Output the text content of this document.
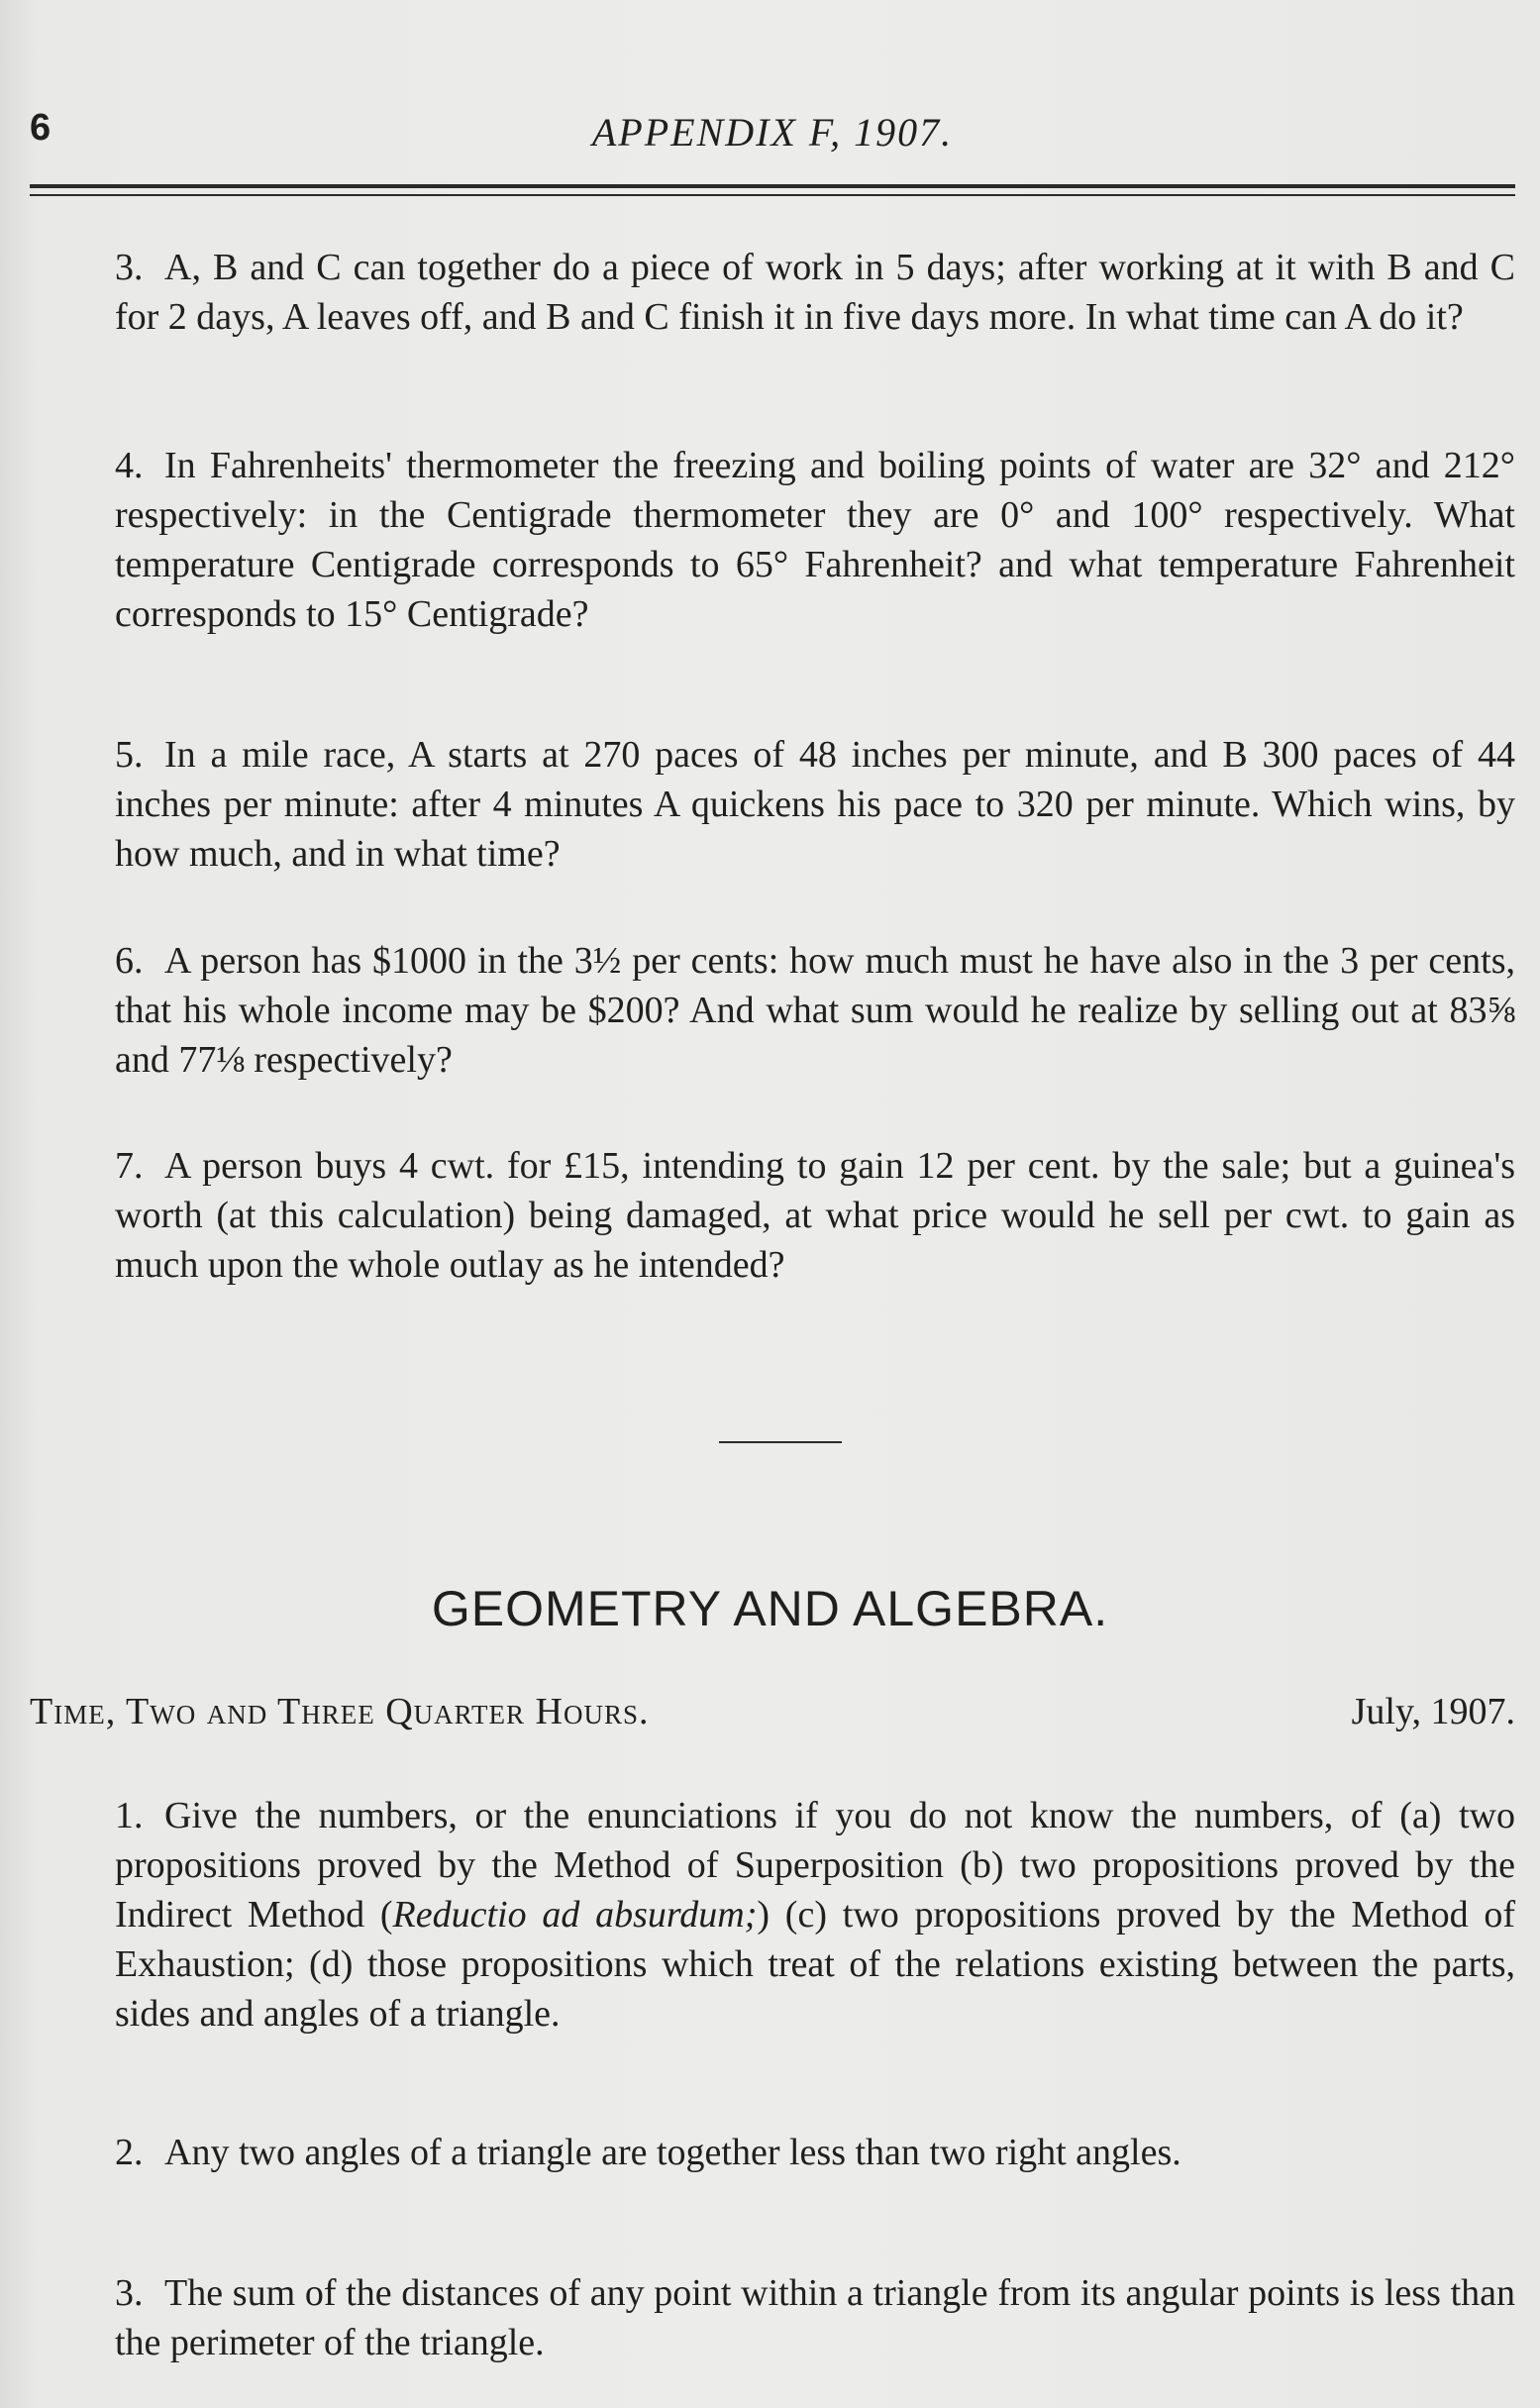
6	APPENDIX F, 1907.
3. A, B and C can together do a piece of work in 5 days; after working at it with B and C for 2 days, A leaves off, and B and C finish it in five days more. In what time can A do it?
4. In Fahrenheits' thermometer the freezing and boiling points of water are 32° and 212° respectively: in the Centigrade thermometer they are 0° and 100° respectively. What temperature Centigrade corresponds to 65° Fahrenheit? and what temperature Fahrenheit corresponds to 15° Centigrade?
5. In a mile race, A starts at 270 paces of 48 inches per minute, and B 300 paces of 44 inches per minute: after 4 minutes A quickens his pace to 320 per minute. Which wins, by how much, and in what time?
6. A person has $1000 in the 3½ per cents: how much must he have also in the 3 per cents, that his whole income may be $200? And what sum would he realize by selling out at 83⅝ and 77⅛ respectively?
7. A person buys 4 cwt. for £15, intending to gain 12 per cent. by the sale; but a guinea's worth (at this calculation) being damaged, at what price would he sell per cwt. to gain as much upon the whole outlay as he intended?
GEOMETRY AND ALGEBRA.
Time, Two and Three Quarter Hours.	July, 1907.
1. Give the numbers, or the enunciations if you do not know the numbers, of (a) two propositions proved by the Method of Superposition (b) two propositions proved by the Indirect Method (Reductio ad absurdum;) (c) two propositions proved by the Method of Exhaustion; (d) those propositions which treat of the relations existing between the parts, sides and angles of a triangle.
2. Any two angles of a triangle are together less than two right angles.
3. The sum of the distances of any point within a triangle from its angular points is less than the perimeter of the triangle.
